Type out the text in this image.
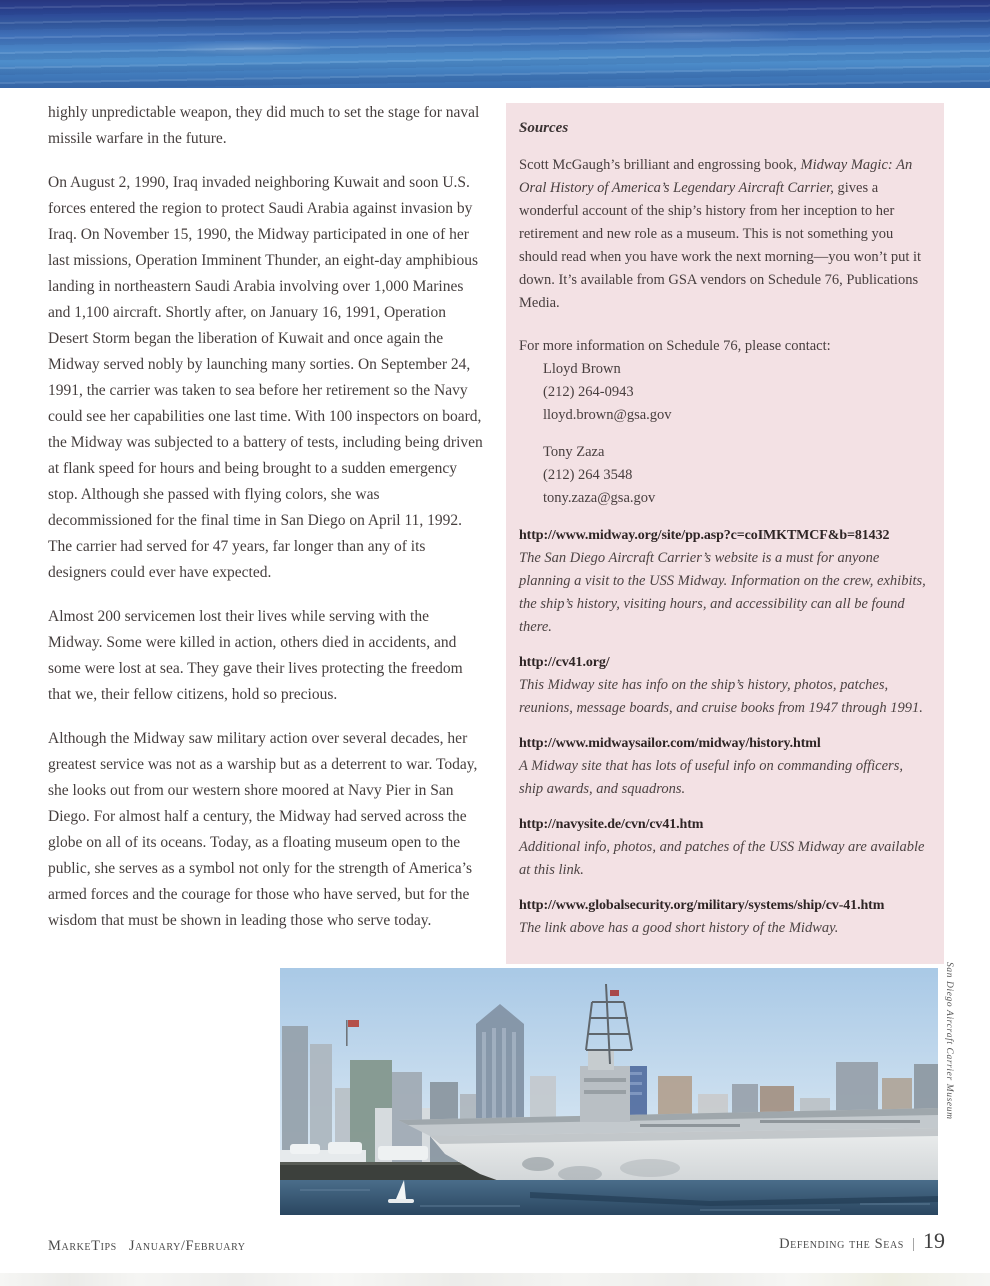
highly unpredictable weapon, they did much to set the stage for naval missile warfare in the future.

On August 2, 1990, Iraq invaded neighboring Kuwait and soon U.S. forces entered the region to protect Saudi Arabia against invasion by Iraq. On November 15, 1990, the Midway participated in one of her last missions, Operation Imminent Thunder, an eight-day amphibious landing in northeastern Saudi Arabia involving over 1,000 Marines and 1,100 aircraft. Shortly after, on January 16, 1991, Operation Desert Storm began the liberation of Kuwait and once again the Midway served nobly by launching many sorties. On September 24, 1991, the carrier was taken to sea before her retirement so the Navy could see her capabilities one last time. With 100 inspectors on board, the Midway was subjected to a battery of tests, including being driven at flank speed for hours and being brought to a sudden emergency stop. Although she passed with flying colors, she was decommissioned for the final time in San Diego on April 11, 1992. The carrier had served for 47 years, far longer than any of its designers could ever have expected.

Almost 200 servicemen lost their lives while serving with the Midway. Some were killed in action, others died in accidents, and some were lost at sea. They gave their lives protecting the freedom that we, their fellow citizens, hold so precious.

Although the Midway saw military action over several decades, her greatest service was not as a warship but as a deterrent to war. Today, she looks out from our western shore moored at Navy Pier in San Diego. For almost half a century, the Midway had served across the globe on all of its oceans. Today, as a floating museum open to the public, she serves as a symbol not only for the strength of America’s armed forces and the courage for those who have served, but for the wisdom that must be shown in leading those who serve today.

Sources

Scott McGaugh’s brilliant and engrossing book, Midway Magic: An Oral History of America’s Legendary Aircraft Carrier, gives a wonderful account of the ship’s history from her inception to her retirement and new role as a museum. This is not something you should read when you have work the next morning—you won’t put it down. It’s available from GSA vendors on Schedule 76, Publications Media.

For more information on Schedule 76, please contact:
Lloyd Brown
(212) 264-0943
lloyd.brown@gsa.gov
Tony Zaza
(212) 264 3548
tony.zaza@gsa.gov
http://www.midway.org/site/pp.asp?c=coIMKTMCF&b=81432
The San Diego Aircraft Carrier’s website is a must for anyone planning a visit to the USS Midway. Information on the crew, exhibits, the ship’s history, visiting hours, and accessibility can all be found there.
http://cv41.org/
This Midway site has info on the ship’s history, photos, patches, reunions, message boards, and cruise books from 1947 through 1991.
http://www.midwaysailor.com/midway/history.html
A Midway site that has lots of useful info on commanding officers, ship awards, and squadrons.
http://navysite.de/cvn/cv41.htm
Additional info, photos, and patches of the USS Midway are available at this link.
http://www.globalsecurity.org/military/systems/ship/cv-41.htm
The link above has a good short history of the Midway.
San Diego Aircraft Carrier Museum
MarkeTips January/February	Defending the Seas | 19
